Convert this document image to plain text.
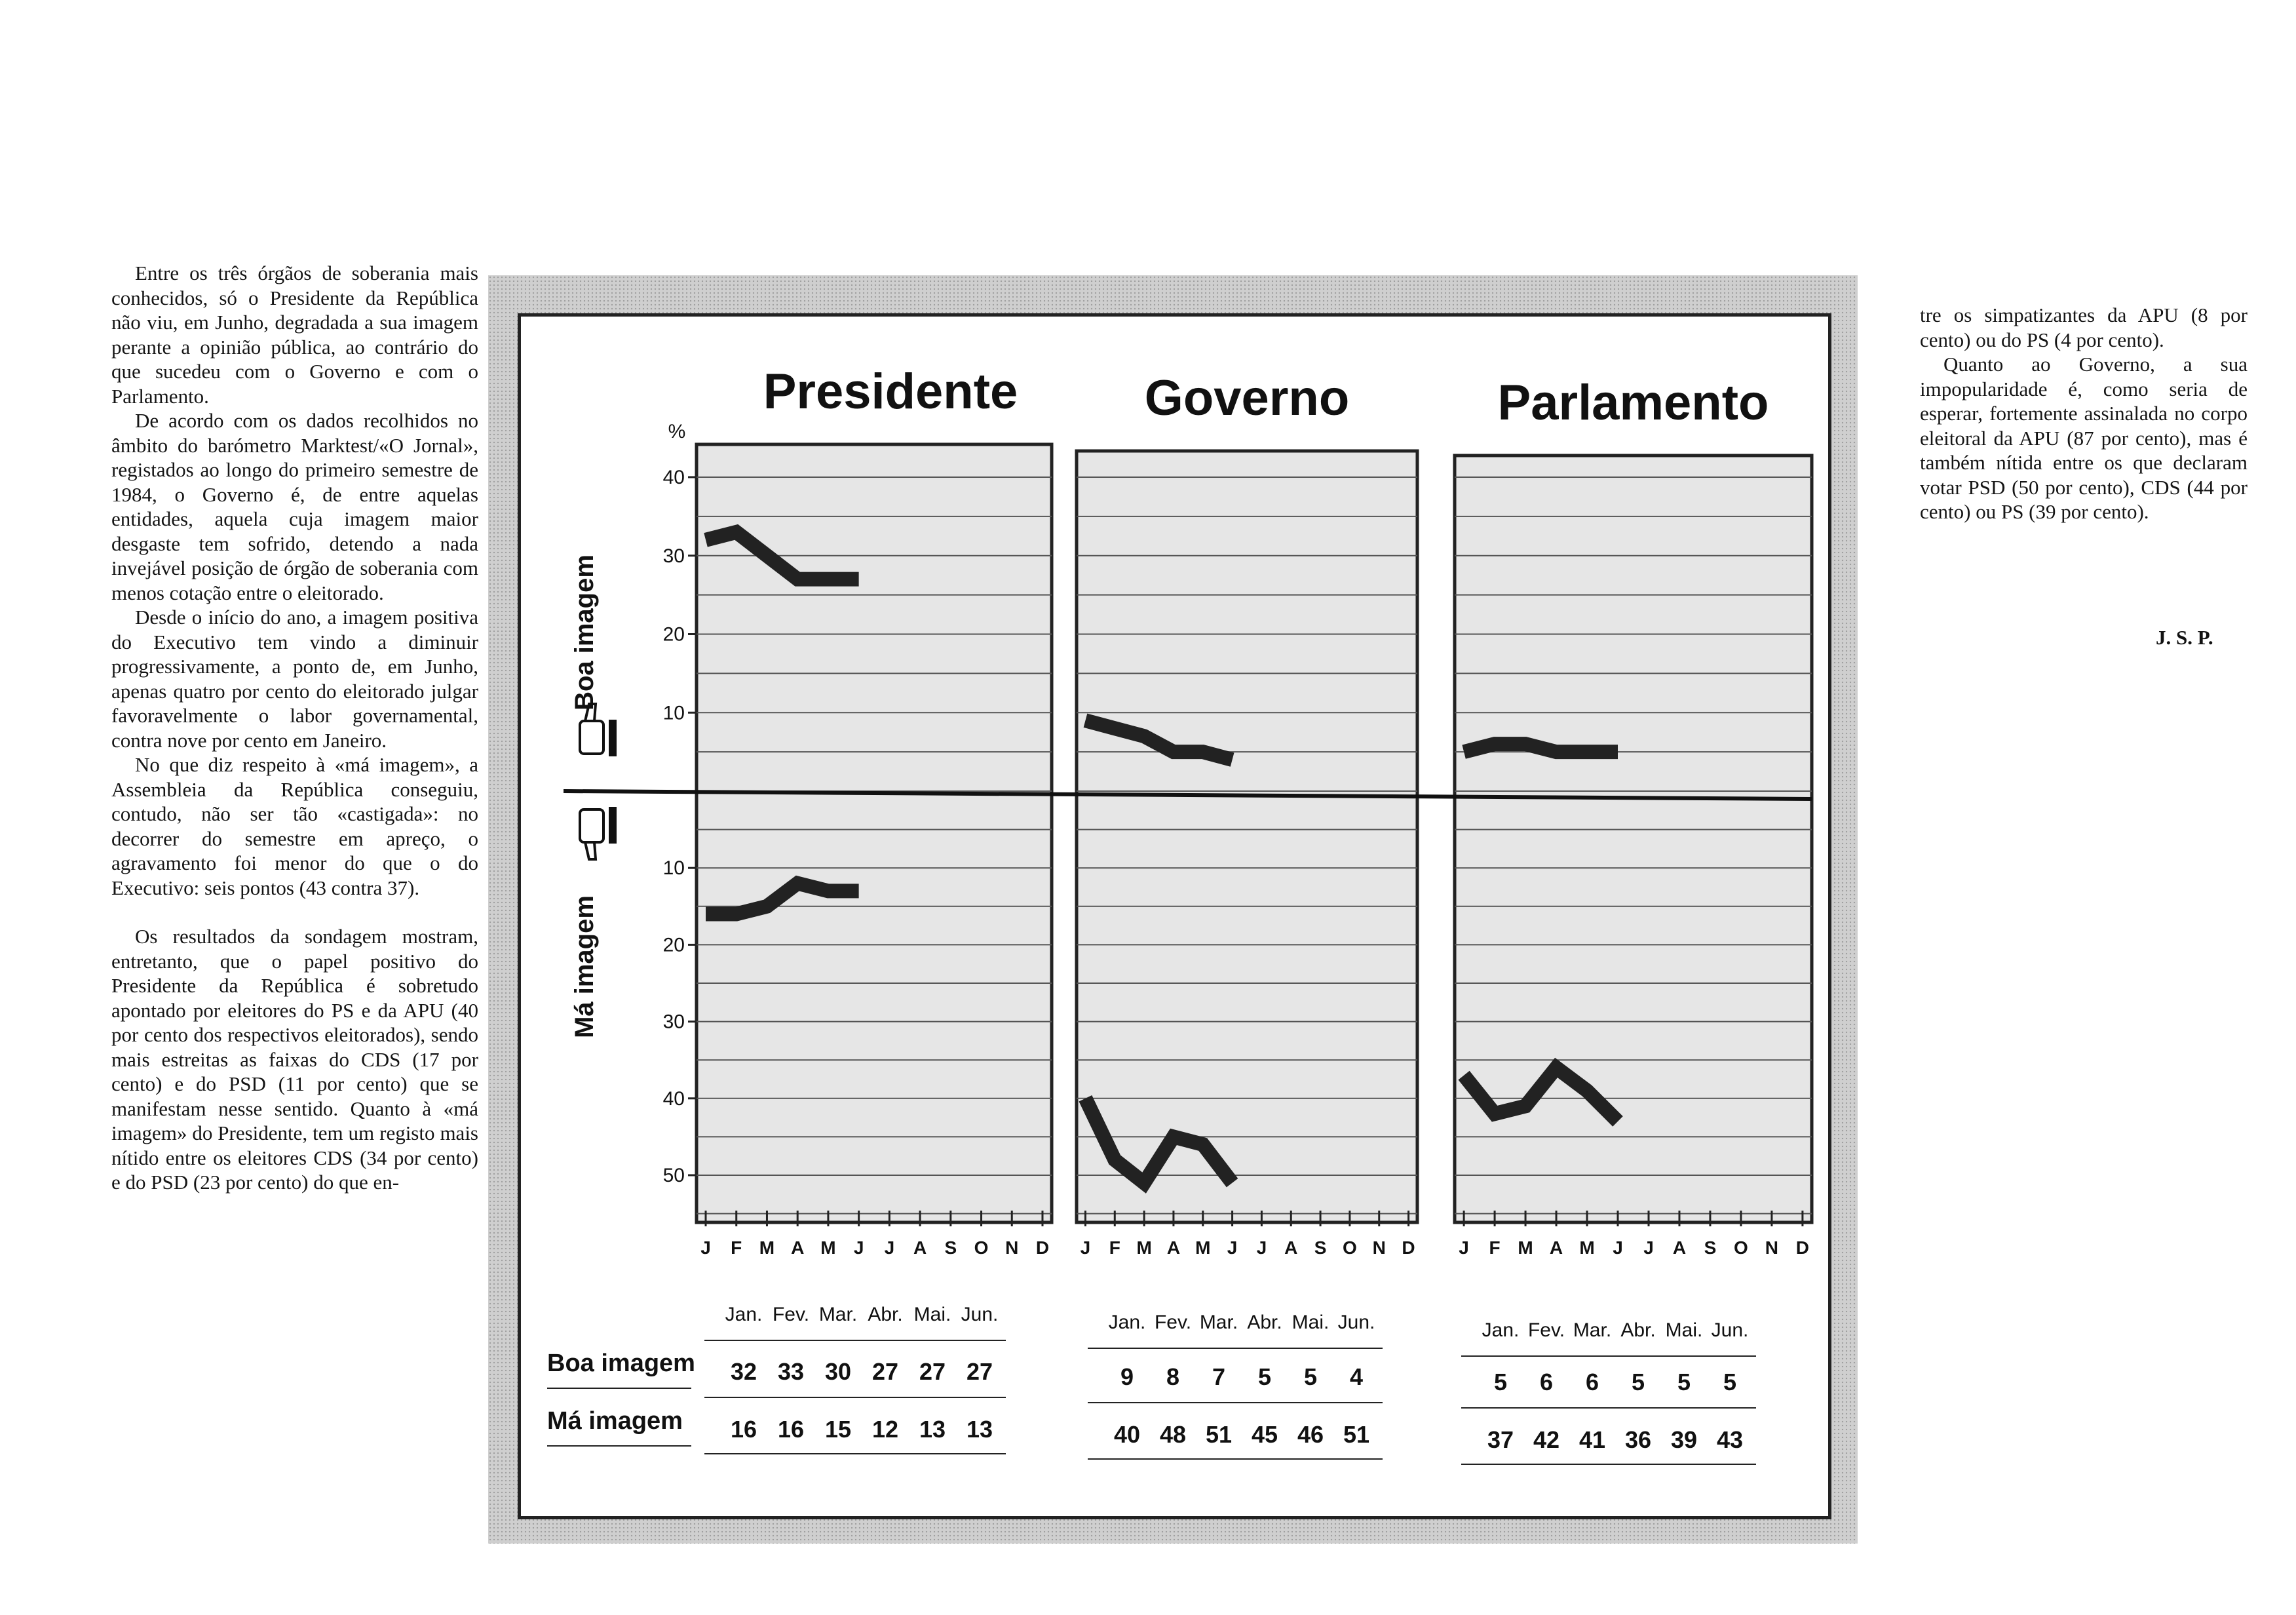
Entre os três órgãos de soberania mais conhecidos, só o Presidente da República não viu, em Junho, degradada a sua imagem perante a opinião pública, ao contrário do que sucedeu com o Governo e com o Parlamento.

De acordo com os dados recolhidos no âmbito do barómetro Marktest/«O Jornal», registados ao longo do primeiro semestre de 1984, o Governo é, de entre aquelas entidades, aquela cuja imagem maior desgaste tem sofrido, detendo a nada invejável posição de órgão de soberania com menos cotação entre o eleitorado.

Desde o início do ano, a imagem positiva do Executivo tem vindo a diminuir progressivamente, a ponto de, em Junho, apenas quatro por cento do eleitorado julgar favoravelmente o labor governamental, contra nove por cento em Janeiro.

No que diz respeito à «má imagem», a Assembleia da República conseguiu, contudo, não ser tão «castigada»: no decorrer do semestre em apreço, o agravamento foi menor do que o do Executivo: seis pontos (43 contra 37).

Os resultados da sondagem mostram, entretanto, que o papel positivo do Presidente da República é sobretudo apontado por eleitores do PS e da APU (40 por cento dos respectivos eleitorados), sendo mais estreitas as faixas do CDS (17 por cento) e do PSD (11 por cento) que se manifestam nesse sentido. Quanto à «má imagem» do Presidente, tem um registo mais nítido entre os eleitores CDS (34 por cento) e do PSD (23 por cento) do que en-

%
10
20
30
40
10
20
30
40
50
Boa imagem
Má imagem
Presidente
J F M A M J J A S O N D
Jan. Fev. Mar. Abr. Mai. Jun.
32 33 30 27 27 27
16 16 15 12 13 13
Governo
J F M A M J J A S O N D
Jan. Fev. Mar. Abr. Mai. Jun.
9 8 7 5 5 4
40 48 51 45 46 51
Parlamento
J F M A M J J A S O N D
Jan. Fev. Mar. Abr. Mai. Jun.
5 6 6 5 5 5
37 42 41 36 39 43
Boa imagem
Má imagem

tre os simpatizantes da APU (8 por cento) ou do PS (4 por cento).

Quanto ao Governo, a sua impopularidade é, como seria de esperar, fortemente assinalada no corpo eleitoral da APU (87 por cento), mas é também nítida entre os que declaram votar PSD (50 por cento), CDS (44 por cento) ou PS (39 por cento).

J. S. P.
